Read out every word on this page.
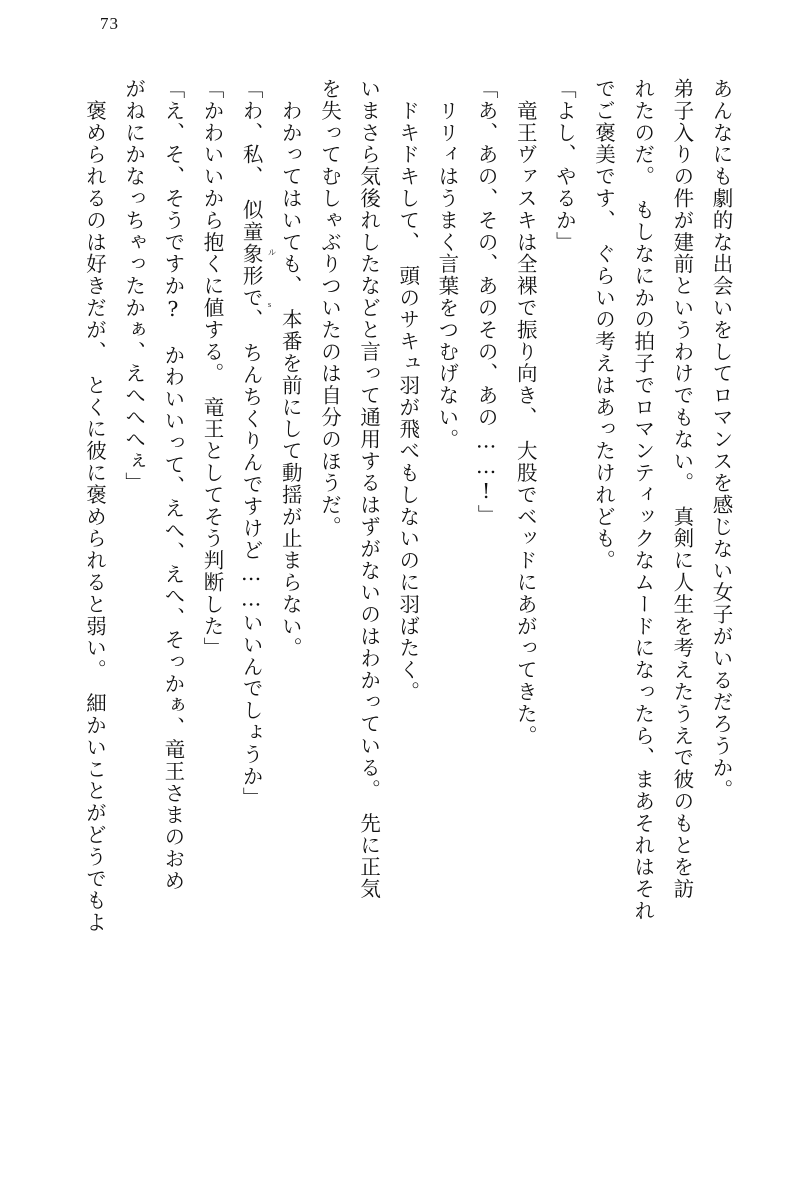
73
あんなにも劇的な出会いをしてロマンスを感じない女子がいるだろうか。
弟子入りの件が建前というわけでもない。　真剣に人生を考えたうえで彼のもとを訪
れたのだ。　もしなにかの拍子でロマンティックなムードになったら、まあそれはそれ
でご褒美です、　ぐらいの考えはあったけれども。
「よし、やるか」
　竜王ヴァスキは全裸で振り向き、　大股でベッドにあがってきた。
「あ、あの、その、あのその、あの……!」
　リリィはうまく言葉をつむげない。
　ドキドキして、　頭のサキュ羽が飛べもしないのに羽ばたく。
いまさら気後れしたなどと言って通用するはずがないのはわかっている。　先に正気
を失ってむしゃぶりついたのは自分のほうだ。
　わかってはいても、　本番を前にして動揺が止まらない。
「わ、私、　似童象形で、　ちんちくりんですけど……いいんでしょうか」
「かわいいから抱くに値する。　竜王としてそう判断した」
「え、そ、そうですか?　かわいいって、えへ、えへ、そっかぁ、竜王さまのおめ
がねにかなっちゃったかぁ、えへへへぇ」
　褒められるのは好きだが、　とくに彼に褒められると弱い。　細かいことがどうでもよ	ル
s
